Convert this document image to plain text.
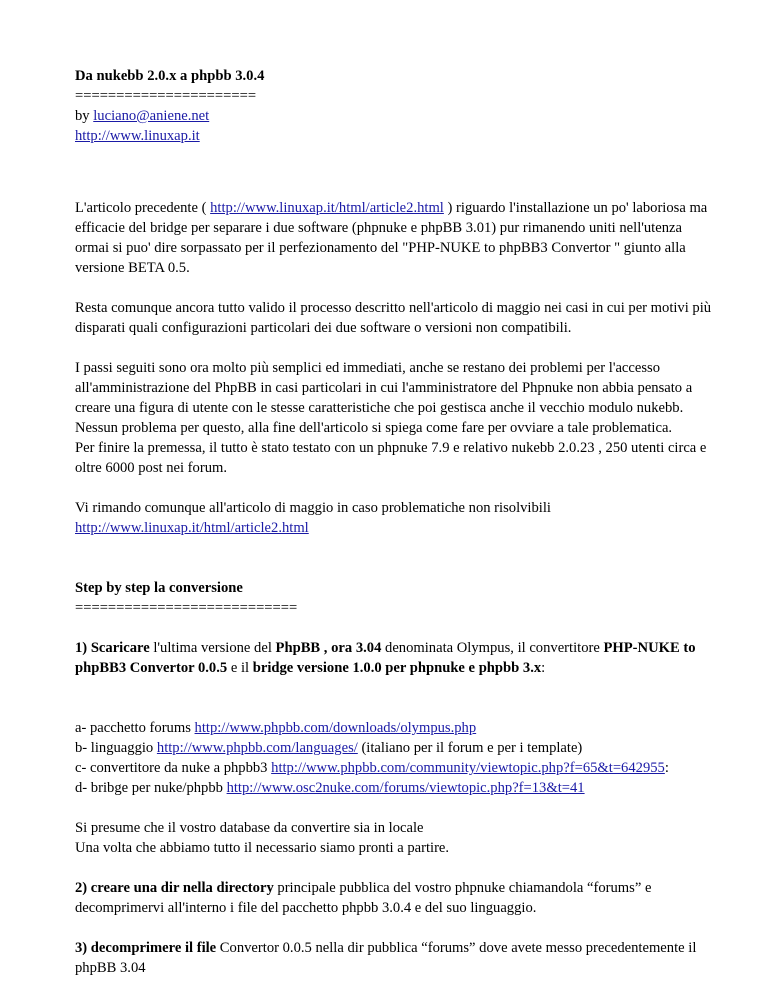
Da nukebb 2.0.x a phpbb 3.0.4

======================

by luciano@aniene.net

http://www.linuxap.it

L'articolo precedente ( http://www.linuxap.it/html/article2.html ) riguardo l'installazione un po' laboriosa ma efficacie del bridge per separare i due software (phpnuke e phpBB 3.01) pur rimanendo uniti nell'utenza ormai si puo' dire sorpassato per il perfezionamento del "PHP-NUKE to phpBB3 Convertor " giunto alla versione BETA 0.5.

Resta comunque ancora tutto valido il processo descritto nell'articolo di maggio nei casi in cui per motivi più disparati quali configurazioni particolari dei due software o versioni non compatibili.

I passi seguiti sono ora molto più semplici ed immediati, anche se restano dei problemi per l'accesso all'amministrazione del PhpBB in casi particolari in cui l'amministratore del Phpnuke non abbia pensato a creare una figura di utente con le stesse caratteristiche che poi gestisca anche il vecchio modulo nukebb. Nessun problema per questo, alla fine dell'articolo si spiega come fare per ovviare a tale problematica.

Per finire la premessa, il tutto è stato testato con un phpnuke 7.9 e relativo nukebb 2.0.23 , 250 utenti circa e oltre 6000 post nei forum.

Vi rimando comunque all'articolo di maggio in caso problematiche non risolvibili

http://www.linuxap.it/html/article2.html

Step by step la conversione

===========================

1) Scaricare l'ultima versione del PhpBB , ora 3.04 denominata Olympus, il convertitore PHP-NUKE to phpBB3 Convertor 0.0.5 e il bridge versione 1.0.0 per phpnuke e phpbb 3.x:

a- pacchetto forums http://www.phpbb.com/downloads/olympus.php

b- linguaggio http://www.phpbb.com/languages/ (italiano per il forum e per i template)

c- convertitore da nuke a phpbb3 http://www.phpbb.com/community/viewtopic.php?f=65&t=642955:

d- bribge per nuke/phpbb http://www.osc2nuke.com/forums/viewtopic.php?f=13&t=41

Si presume che il vostro database da convertire sia in locale

Una volta che abbiamo tutto il necessario siamo pronti a partire.

2) creare una dir nella directory principale pubblica del vostro phpnuke chiamandola “forums” e decomprimervi all'interno i file del pacchetto phpbb 3.0.4 e del suo linguaggio.

3) decomprimere il file Convertor 0.0.5 nella dir pubblica “forums” dove avete messo precedentemente il phpBB 3.04
